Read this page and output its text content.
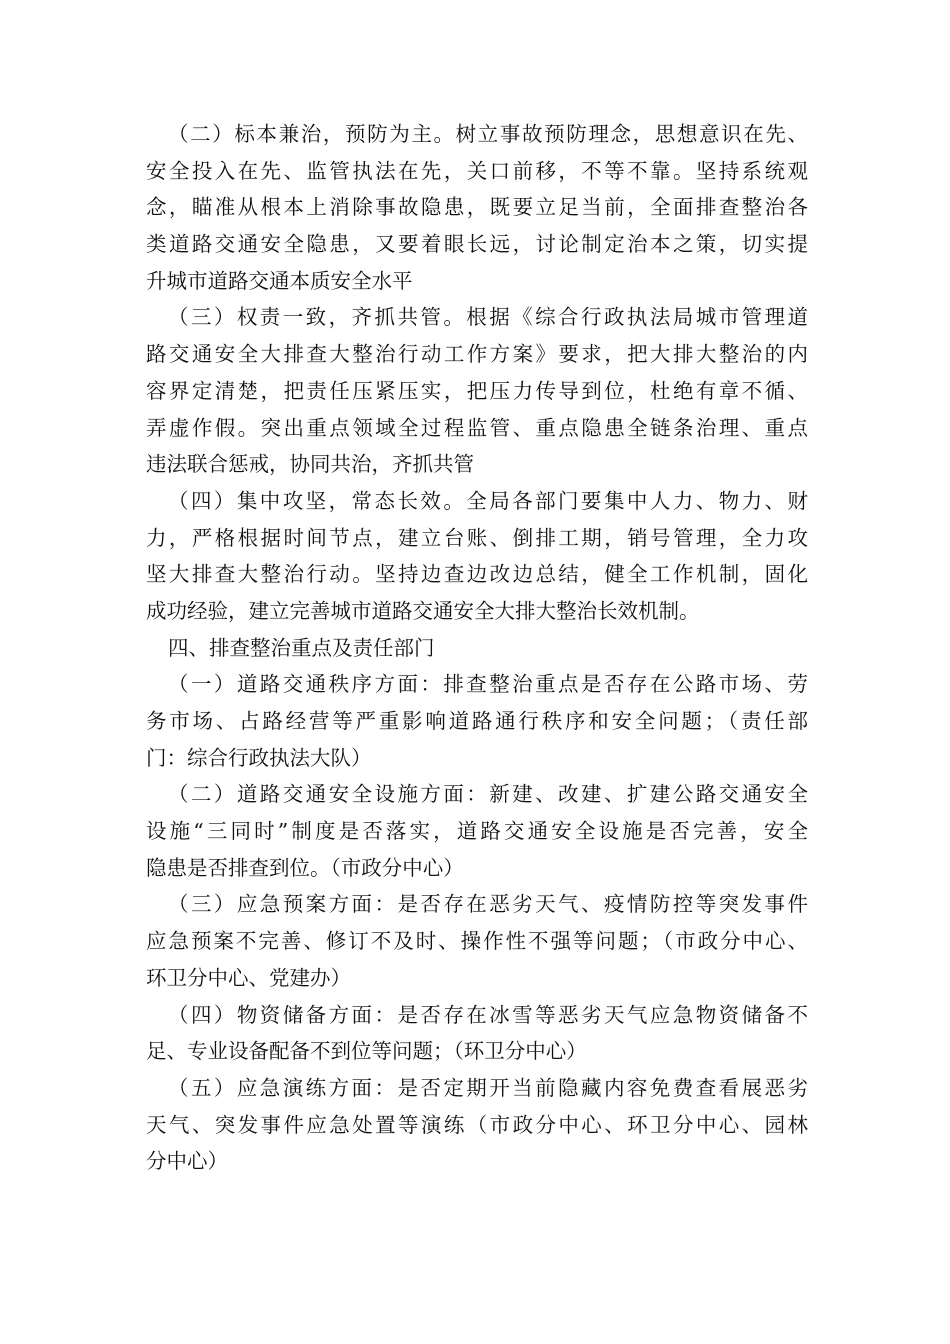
（二）标本兼治，预防为主。树立事故预防理念，思想意识在先、
安全投入在先、监管执法在先，关口前移，不等不靠。坚持系统观
念，瞄准从根本上消除事故隐患，既要立足当前，全面排查整治各
类道路交通安全隐患，又要着眼长远，讨论制定治本之策，切实提
升城市道路交通本质安全水平
（三）权责一致，齐抓共管。根据《综合行政执法局城市管理道
路交通安全大排查大整治行动工作方案》要求，把大排大整治的内
容界定清楚，把责任压紧压实，把压力传导到位，杜绝有章不循、
弄虚作假。突出重点领域全过程监管、重点隐患全链条治理、重点
违法联合惩戒，协同共治，齐抓共管
（四）集中攻坚，常态长效。全局各部门要集中人力、物力、财
力，严格根据时间节点，建立台账、倒排工期，销号管理，全力攻
坚大排查大整治行动。坚持边查边改边总结，健全工作机制，固化
成功经验，建立完善城市道路交通安全大排大整治长效机制。
四、排查整治重点及责任部门
（一）道路交通秩序方面：排查整治重点是否存在公路市场、劳
务市场、占路经营等严重影响道路通行秩序和安全问题；（责任部
门：综合行政执法大队）
（二）道路交通安全设施方面：新建、改建、扩建公路交通安全
设施“三同时”制度是否落实，道路交通安全设施是否完善，安全
隐患是否排查到位。（市政分中心）
（三）应急预案方面：是否存在恶劣天气、疫情防控等突发事件
应急预案不完善、修订不及时、操作性不强等问题；（市政分中心、
环卫分中心、党建办）
（四）物资储备方面：是否存在冰雪等恶劣天气应急物资储备不
足、专业设备配备不到位等问题；（环卫分中心）
（五）应急演练方面：是否定期开当前隐藏内容免费查看展恶劣
天气、突发事件应急处置等演练（市政分中心、环卫分中心、园林
分中心）
